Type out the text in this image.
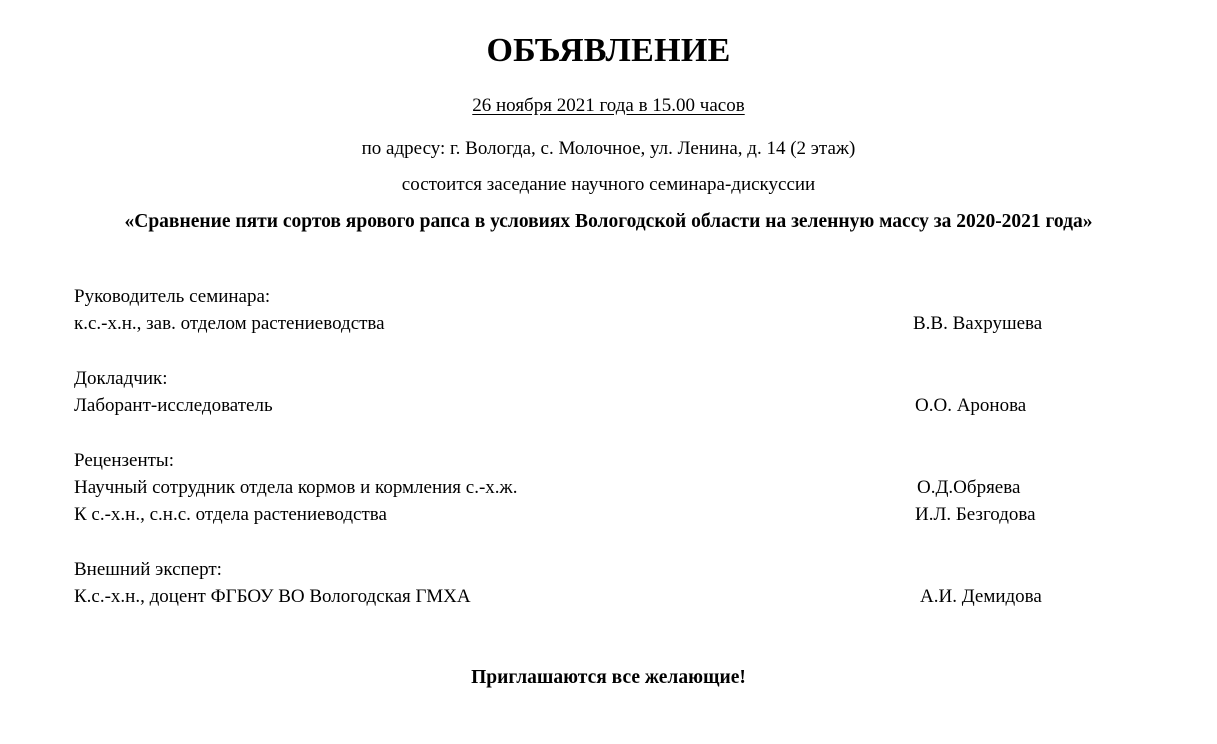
ОБЪЯВЛЕНИЕ
26 ноября 2021 года в 15.00 часов
по адресу: г. Вологда, с. Молочное, ул. Ленина, д. 14 (2 этаж)
состоится заседание научного семинара-дискуссии
«Сравнение пяти сортов ярового рапса в условиях Вологодской области на зеленную массу за 2020-2021 года»
Руководитель семинара:
к.с.-х.н., зав. отделом растениеводства	В.В. Вахрушева
Докладчик:
Лаборант-исследователь	О.О. Аронова
Рецензенты:
Научный сотрудник отдела кормов и кормления с.-х.ж.	О.Д.Обряева
К с.-х.н., с.н.с. отдела растениеводства	И.Л. Безгодова
Внешний эксперт:
К.с.-х.н., доцент ФГБОУ ВО Вологодская ГМХА	А.И. Демидова
Приглашаются все желающие!
